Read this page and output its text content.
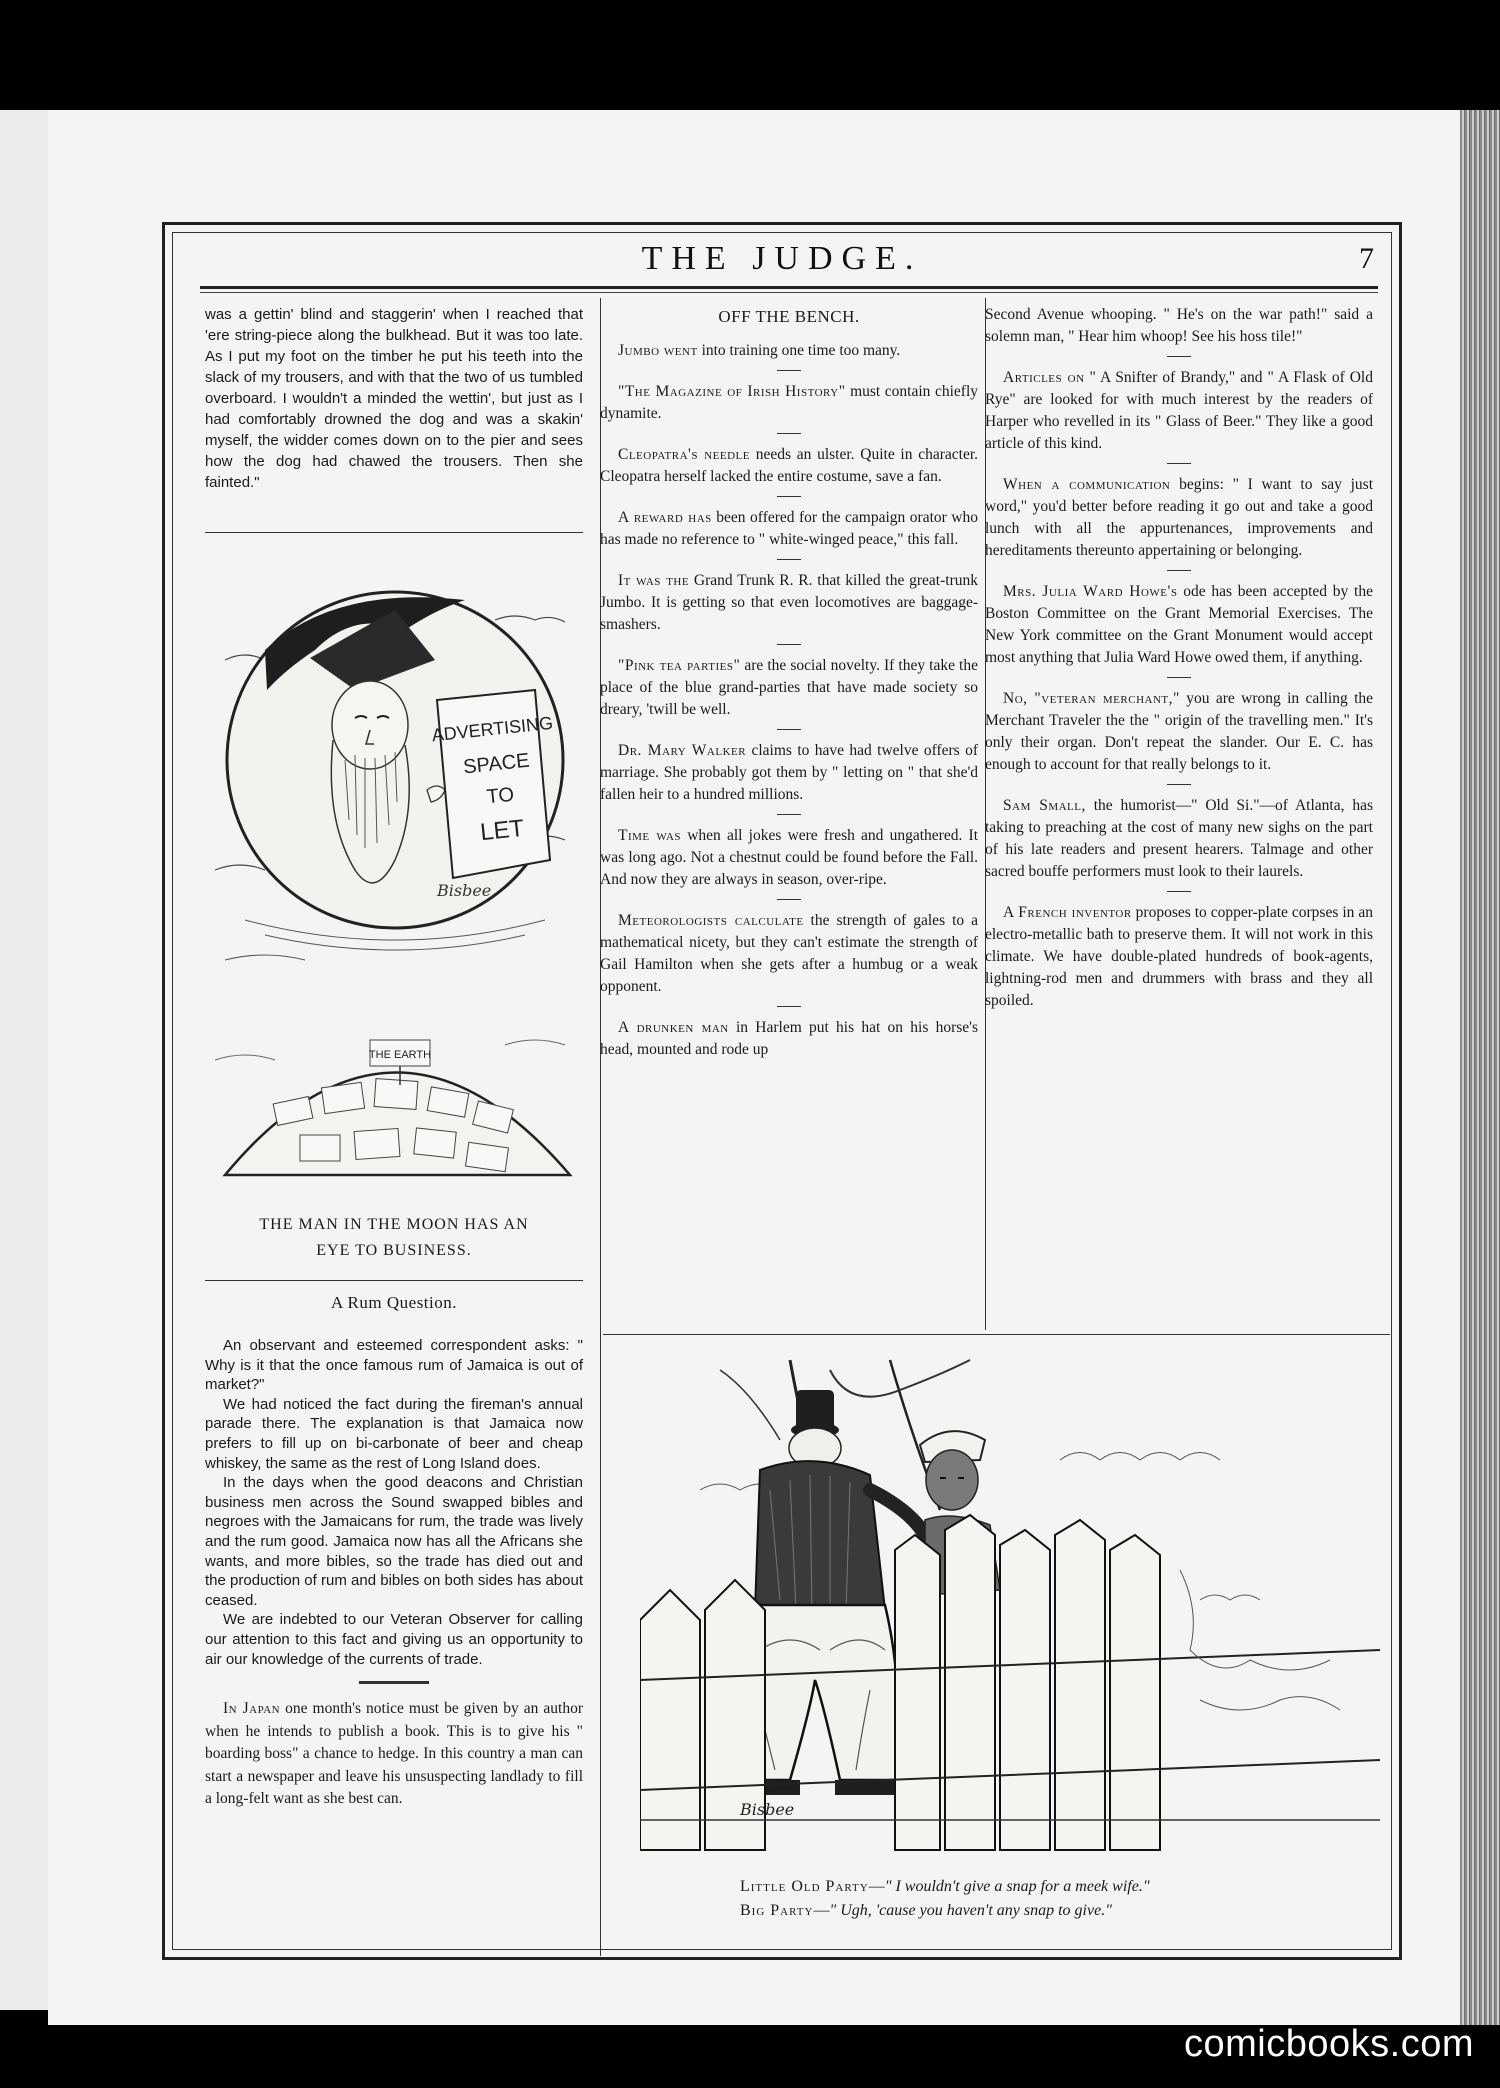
THE JUDGE.	7

was a gettin' blind and staggerin' when I reached that 'ere string-piece along the bulkhead. But it was too late. As I put my foot on the timber he put his teeth into the slack of my trousers, and with that the two of us tumbled overboard. I wouldn't a minded the wettin', but just as I had comfortably drowned the dog and was a skakin' myself, the widder comes down on to the pier and sees how the dog had chawed the trousers. Then she fainted."

ADVERTISING
SPACE
TO
LET
Bisbee
THE EARTH
THE MAN IN THE MOON HAS AN
EYE TO BUSINESS.
A Rum Question.

An observant and esteemed correspondent asks: " Why is it that the once famous rum of Jamaica is out of market?"

We had noticed the fact during the fireman's annual parade there. The explanation is that Jamaica now prefers to fill up on bi-carbonate of beer and cheap whiskey, the same as the rest of Long Island does.

In the days when the good deacons and Christian business men across the Sound swapped bibles and negroes with the Jamaicans for rum, the trade was lively and the rum good. Jamaica now has all the Africans she wants, and more bibles, so the trade has died out and the production of rum and bibles on both sides has about ceased.

We are indebted to our Veteran Observer for calling our attention to this fact and giving us an opportunity to air our knowledge of the currents of trade.

In Japan one month's notice must be given by an author when he intends to publish a book. This is to give his " boarding boss" a chance to hedge. In this country a man can start a newspaper and leave his unsuspecting landlady to fill a long-felt want as she best can.

OFF THE BENCH.

Jumbo went into training one time too many.

"The Magazine of Irish History" must contain chiefly dynamite.

Cleopatra's needle needs an ulster. Quite in character. Cleopatra herself lacked the entire costume, save a fan.

A reward has been offered for the campaign orator who has made no reference to " white-winged peace," this fall.

It was the Grand Trunk R. R. that killed the great-trunk Jumbo. It is getting so that even locomotives are baggage-smashers.

"Pink tea parties" are the social novelty. If they take the place of the blue grand-parties that have made society so dreary, 'twill be well.

Dr. Mary Walker claims to have had twelve offers of marriage. She probably got them by " letting on " that she'd fallen heir to a hundred millions.

Time was when all jokes were fresh and ungathered. It was long ago. Not a chestnut could be found before the Fall. And now they are always in season, over-ripe.

Meteorologists calculate the strength of gales to a mathematical nicety, but they can't estimate the strength of Gail Hamilton when she gets after a humbug or a weak opponent.

A drunken man in Harlem put his hat on his horse's head, mounted and rode up

Second Avenue whooping. " He's on the war path!" said a solemn man, " Hear him whoop! See his hoss tile!"

Articles on " A Snifter of Brandy," and " A Flask of Old Rye" are looked for with much interest by the readers of Harper who revelled in its " Glass of Beer." They like a good article of this kind.

When a communication begins: " I want to say just word," you'd better before reading it go out and take a good lunch with all the appurtenances, improvements and hereditaments thereunto appertaining or belonging.

Mrs. Julia Ward Howe's ode has been accepted by the Boston Committee on the Grant Memorial Exercises. The New York committee on the Grant Monument would accept most anything that Julia Ward Howe owed them, if anything.

No, "veteran merchant," you are wrong in calling the Merchant Traveler the the " origin of the travelling men." It's only their organ. Don't repeat the slander. Our E. C. has enough to account for that really belongs to it.

Sam Small, the humorist—" Old Si."—of Atlanta, has taking to preaching at the cost of many new sighs on the part of his late readers and present hearers. Talmage and other sacred bouffe performers must look to their laurels.

A French inventor proposes to copper-plate corpses in an electro-metallic bath to preserve them. It will not work in this climate. We have double-plated hundreds of book-agents, lightning-rod men and drummers with brass and they all spoiled.

Bisbee
Little Old Party—" I wouldn't give a snap for a meek wife."
Big Party—" Ugh, 'cause you haven't any snap to give."
comicbooks.com
